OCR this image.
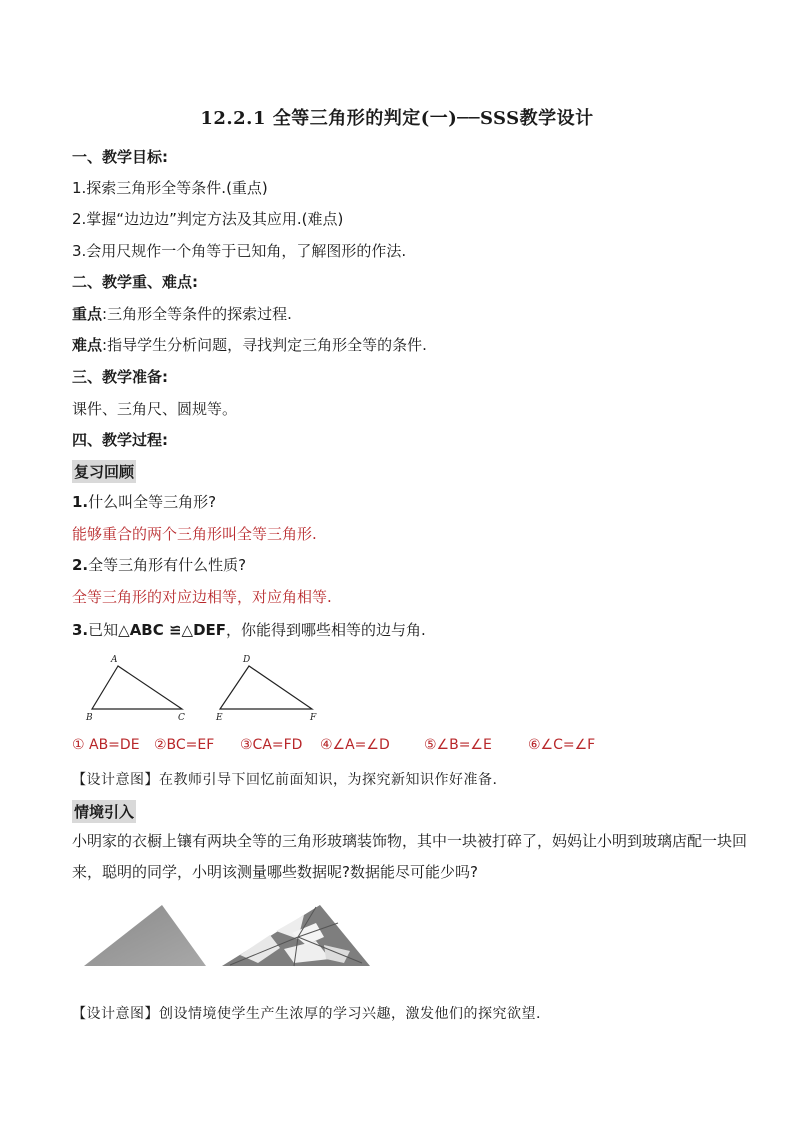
12.2.1 全等三角形的判定(一)──SSS教学设计
一、教学目标:
1.探索三角形全等条件.(重点)
2.掌握“边边边”判定方法及其应用.(难点)
3.会用尺规作一个角等于已知角，了解图形的作法.
二、教学重、难点:
重点:三角形全等条件的探索过程.
难点:指导学生分析问题，寻找判定三角形全等的条件.
三、教学准备:
课件、三角尺、圆规等。
四、教学过程:
复习回顾
1.什么叫全等三角形?
能够重合的两个三角形叫全等三角形.
2.全等三角形有什么性质?
全等三角形的对应边相等，对应角相等.
3.已知△ABC ≌△DEF，你能得到哪些相等的边与角.
A
B	C
D
E	F
① AB=DE ②BC=EF ③CA=FD ④∠A=∠D ⑤∠B=∠E	⑥∠C=∠F
【设计意图】在教师引导下回忆前面知识，为探究新知识作好准备.
情境引入
小明家的衣橱上镶有两块全等的三角形玻璃装饰物，其中一块被打碎了，妈妈让小明到玻璃店配一块回来，聪明的同学，小明该测量哪些数据呢?数据能尽可能少吗?
【设计意图】创设情境使学生产生浓厚的学习兴趣，激发他们的探究欲望.
